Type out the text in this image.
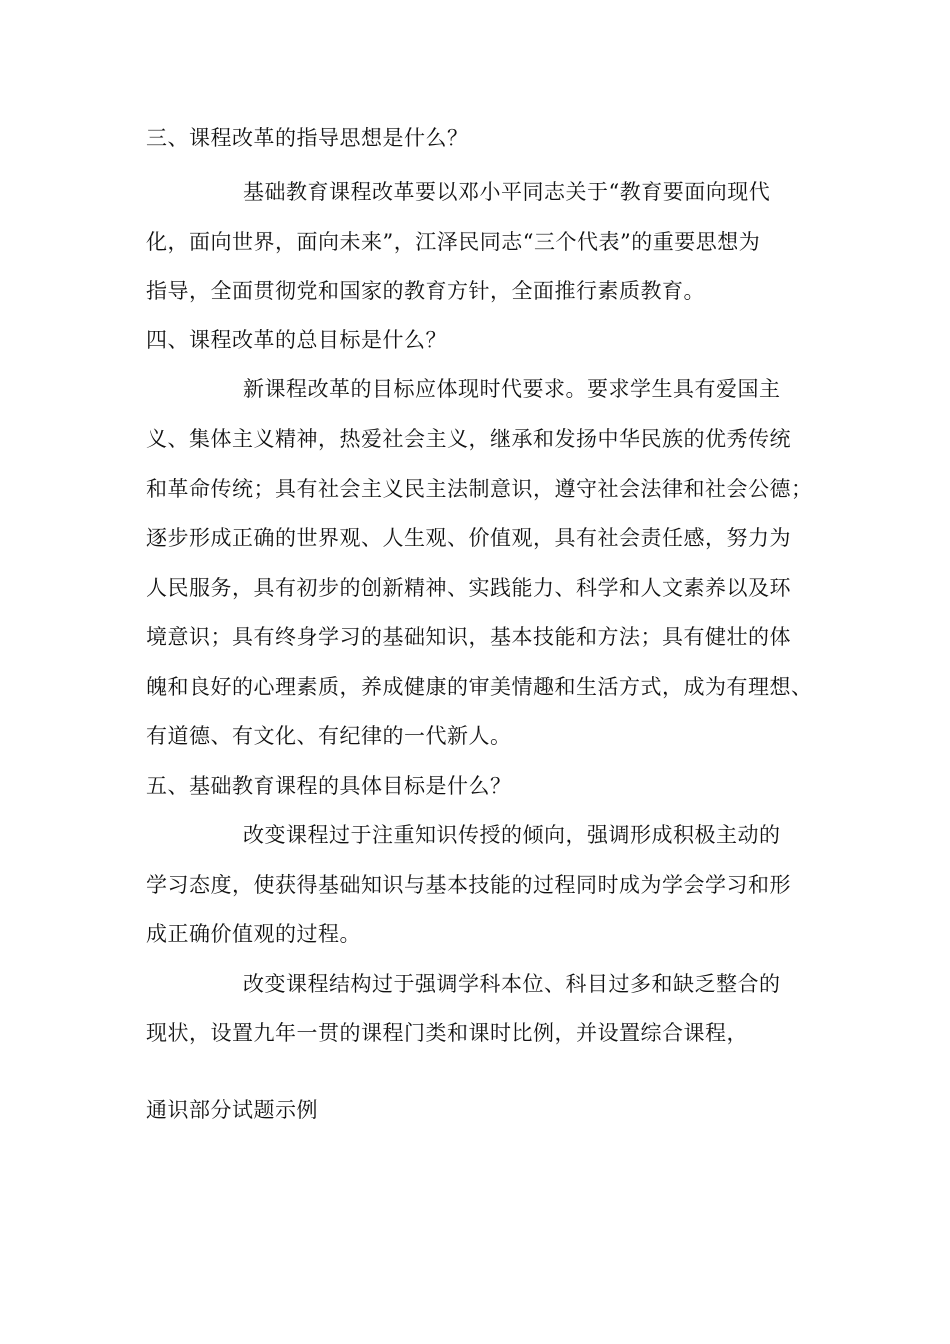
三、课程改革的指导思想是什么？
基础教育课程改革要以邓小平同志关于“教育要面向现代
化，面向世界，面向未来”，江泽民同志“三个代表”的重要思想为
指导，全面贯彻党和国家的教育方针，全面推行素质教育。
四、课程改革的总目标是什么？
新课程改革的目标应体现时代要求。要求学生具有爱国主
义、集体主义精神，热爱社会主义，继承和发扬中华民族的优秀传统
和革命传统；具有社会主义民主法制意识，遵守社会法律和社会公德；
逐步形成正确的世界观、人生观、价值观，具有社会责任感，努力为
人民服务，具有初步的创新精神、实践能力、科学和人文素养以及环
境意识；具有终身学习的基础知识，基本技能和方法；具有健壮的体
魄和良好的心理素质，养成健康的审美情趣和生活方式，成为有理想、
有道德、有文化、有纪律的一代新人。
五、基础教育课程的具体目标是什么？
改变课程过于注重知识传授的倾向，强调形成积极主动的
学习态度，使获得基础知识与基本技能的过程同时成为学会学习和形
成正确价值观的过程。
改变课程结构过于强调学科本位、科目过多和缺乏整合的
现状，设置九年一贯的课程门类和课时比例，并设置综合课程，
通识部分试题示例
